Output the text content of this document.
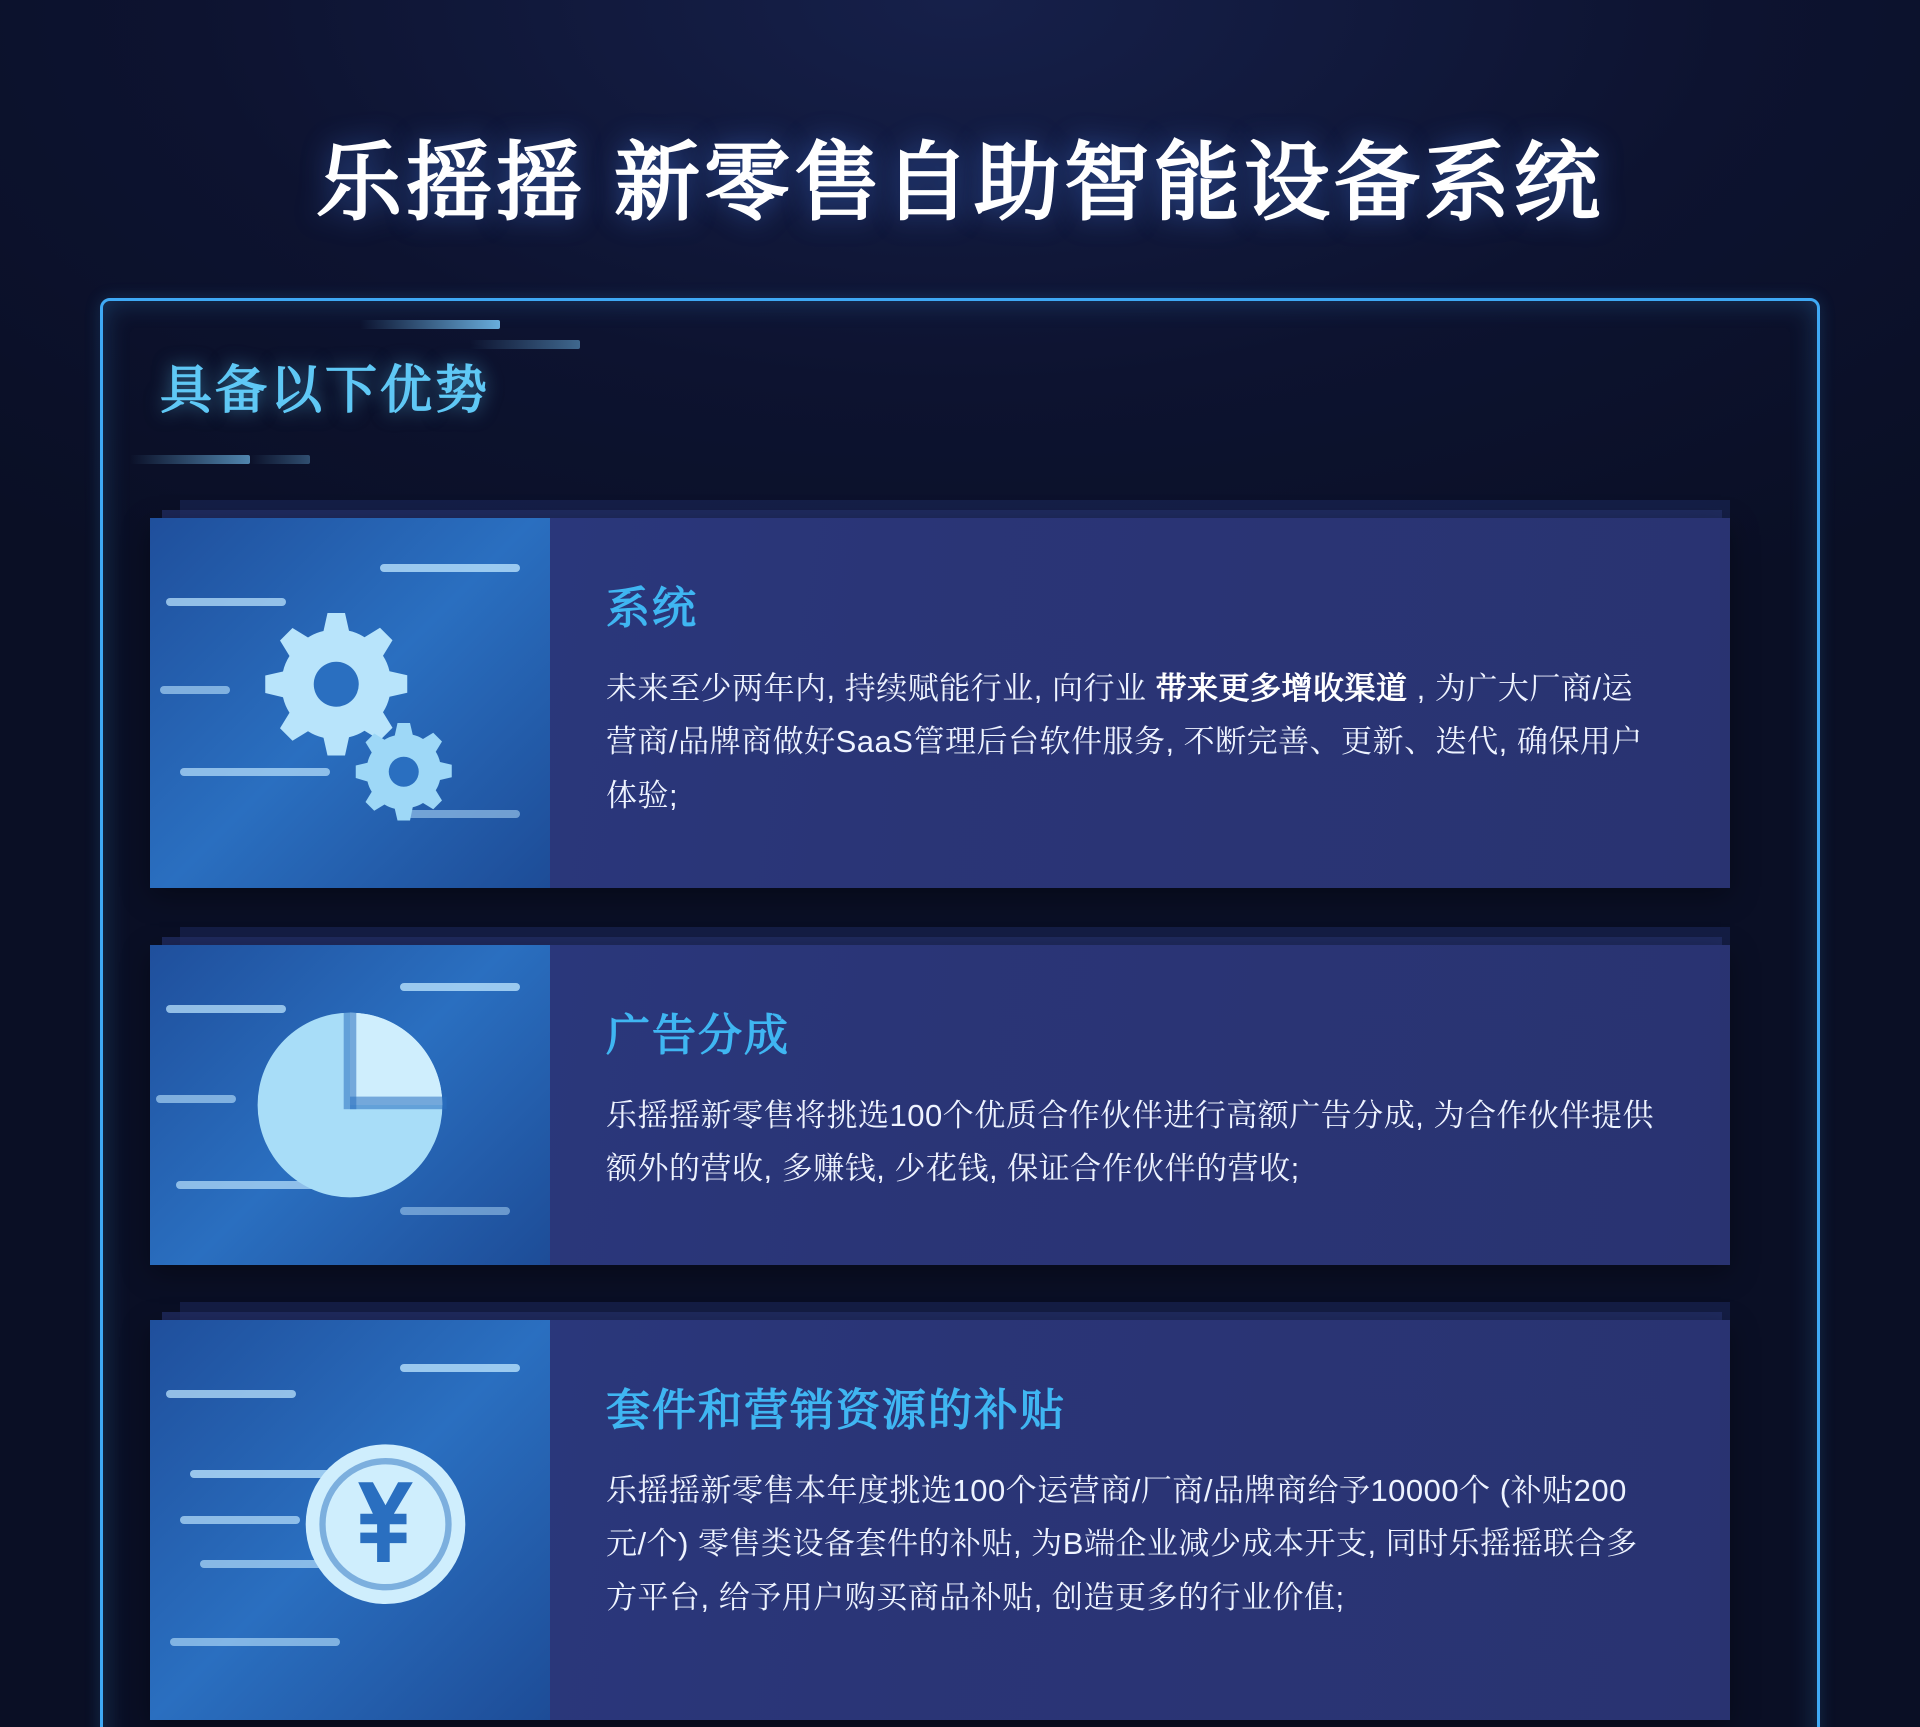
乐摇摇 新零售自助智能设备系统
具备以下优势
系统
未来至少两年内, 持续赋能行业, 向行业 带来更多增收渠道 , 为广大厂商/运营商/品牌商做好SaaS管理后台软件服务, 不断完善、更新、迭代, 确保用户体验;
广告分成
乐摇摇新零售将挑选100个优质合作伙伴进行高额广告分成, 为合作伙伴提供额外的营收, 多赚钱, 少花钱, 保证合作伙伴的营收;
套件和营销资源的补贴
乐摇摇新零售本年度挑选100个运营商/厂商/品牌商给予10000个 (补贴200元/个) 零售类设备套件的补贴, 为B端企业减少成本开支, 同时乐摇摇联合多方平台, 给予用户购买商品补贴, 创造更多的行业价值;
